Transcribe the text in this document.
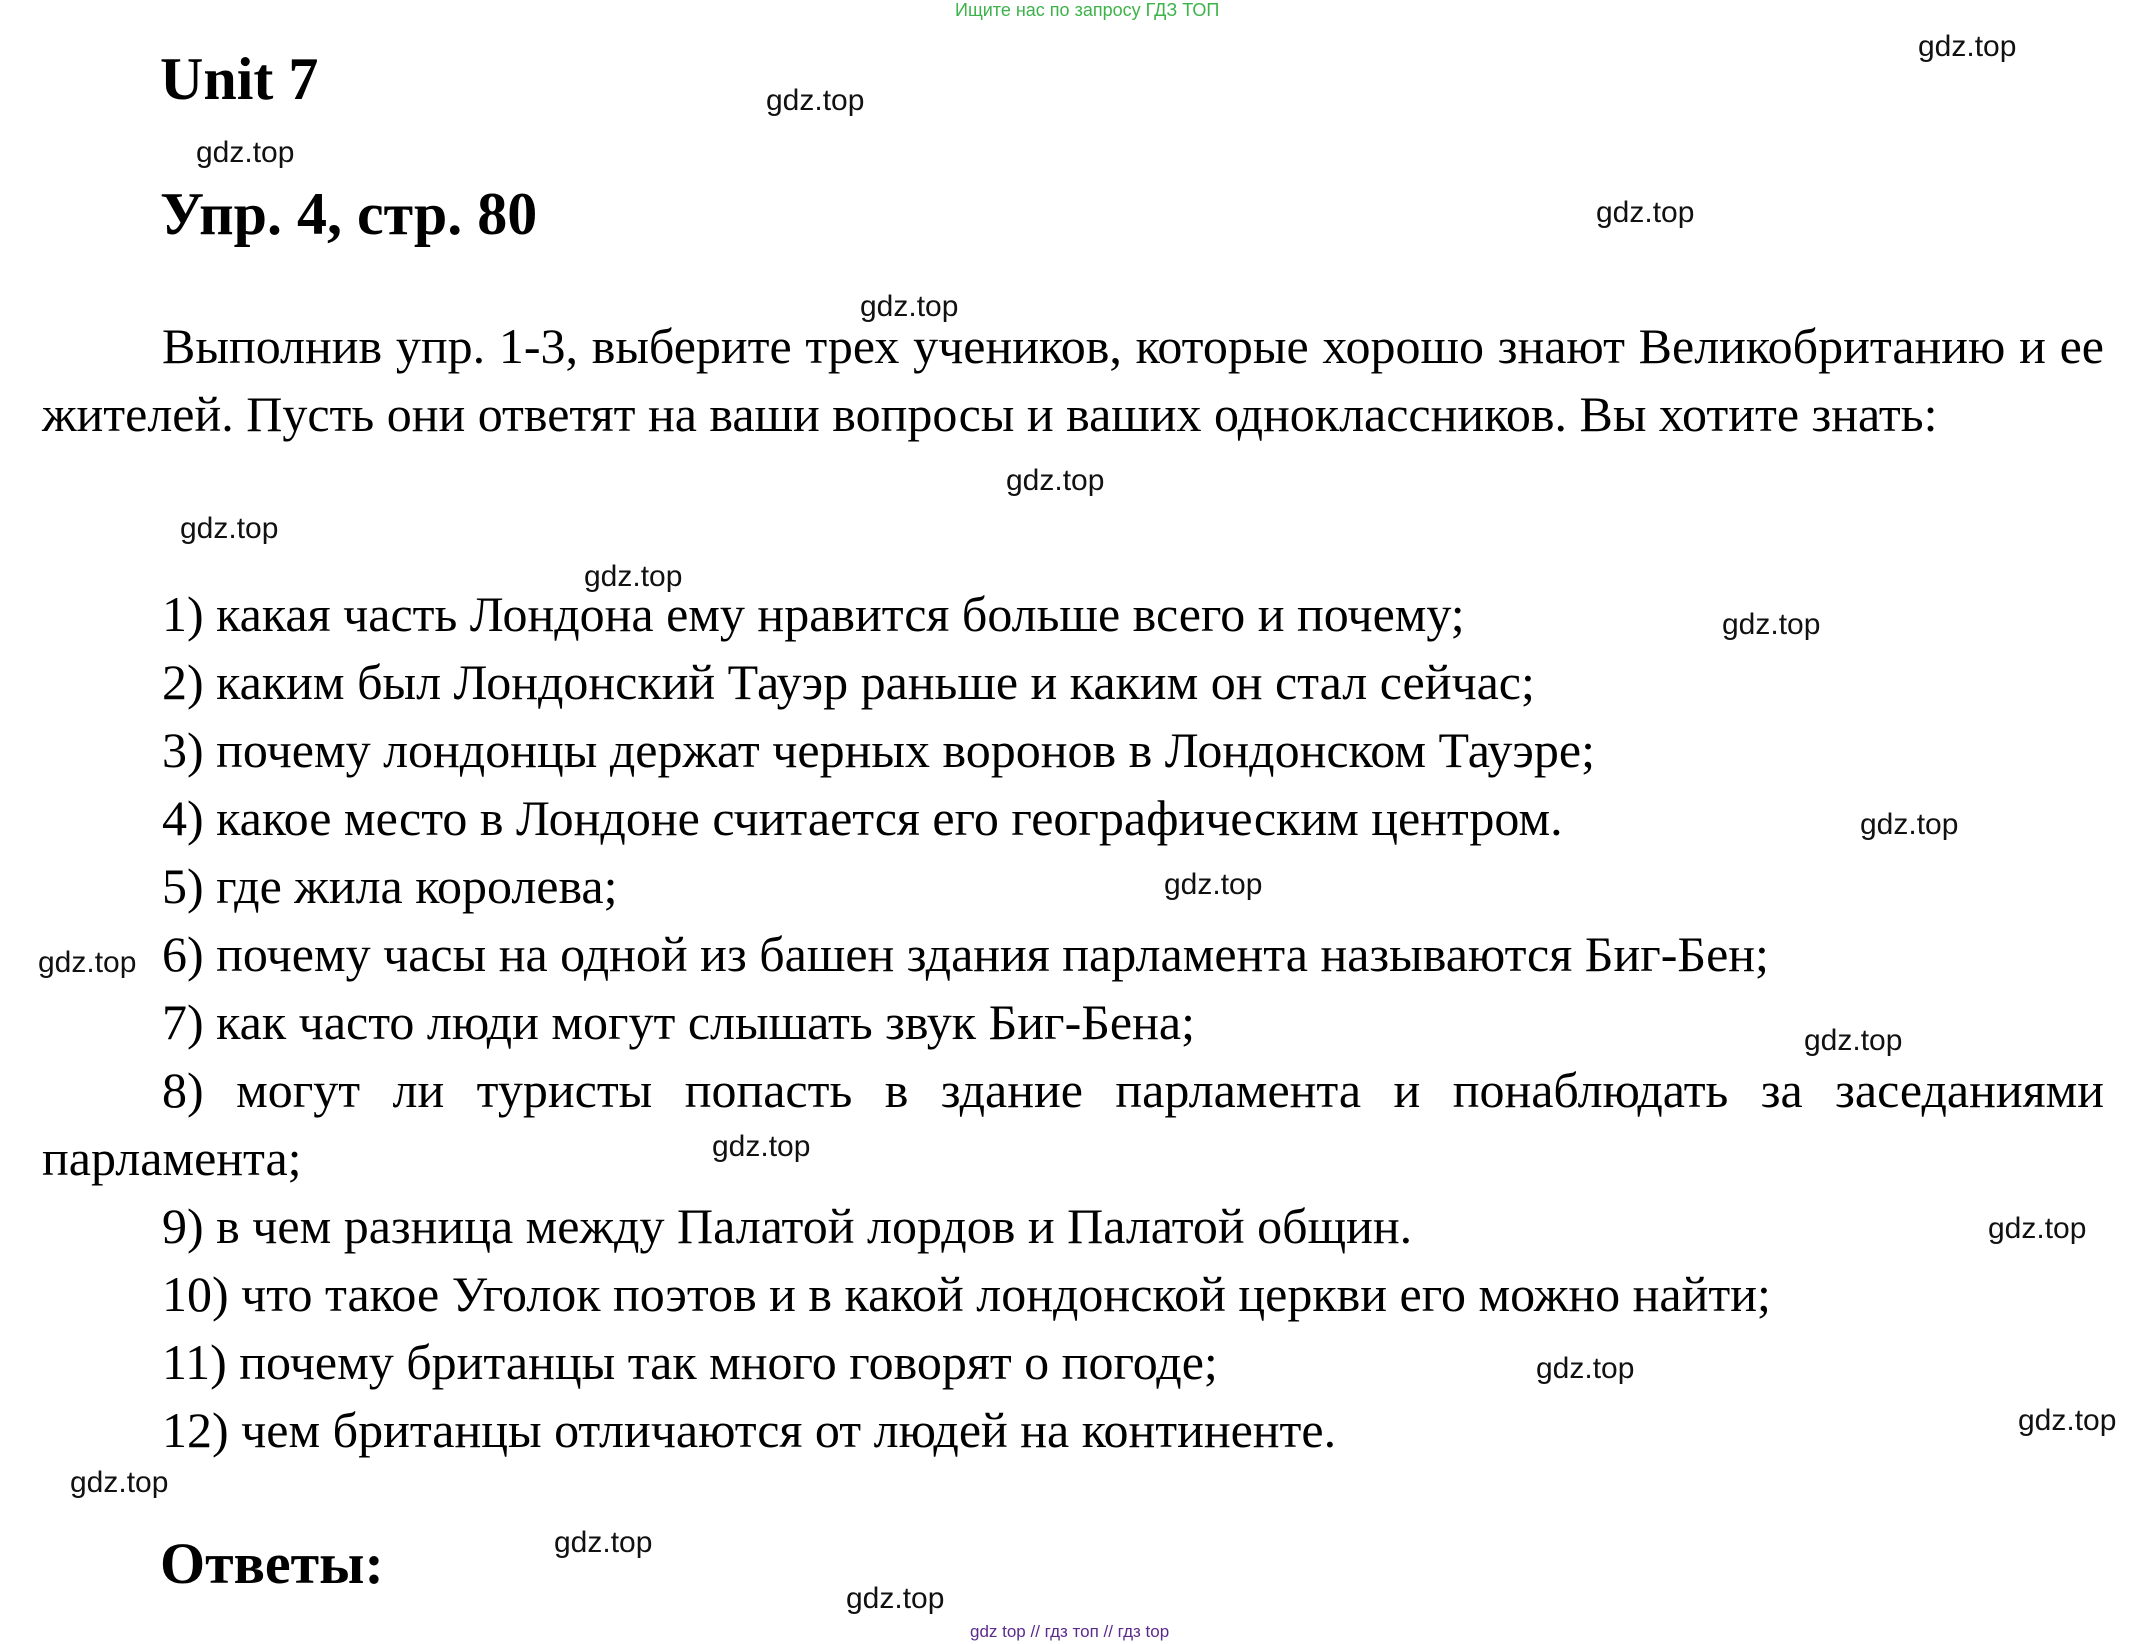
Ищите нас по запросу ГДЗ ТОП
Unit 7
Упр. 4, стр. 80
Выполнив упр. 1-3, выберите трех учеников, которые хорошо знают Великобританию и ее жителей. Пусть они ответят на ваши вопросы и ваших одноклассников. Вы хотите знать:
1) какая часть Лондона ему нравится больше всего и почему;
2) каким был Лондонский Тауэр раньше и каким он стал сейчас;
3) почему лондонцы держат черных воронов в Лондонском Тауэре;
4) какое место в Лондоне считается его географическим центром.
5) где жила королева;
6) почему часы на одной из башен здания парламента называются Биг-Бен;
7) как часто люди могут слышать звук Биг-Бена;
8) могут ли туристы попасть в здание парламента и понаблюдать за заседаниями парламента;
9) в чем разница между Палатой лордов и Палатой общин.
10) что такое Уголок поэтов и в какой лондонской церкви его можно найти;
11) почему британцы так много говорят о погоде;
12) чем британцы отличаются от людей на континенте.
Ответы:
gdz.top
gdz.top
gdz.top
gdz.top
gdz.top
gdz.top
gdz.top
gdz.top
gdz.top
gdz.top
gdz.top
gdz.top
gdz.top
gdz.top
gdz.top
gdz.top
gdz.top
gdz.top
gdz.top
gdz.top
gdz top // гдз топ // гдз top
